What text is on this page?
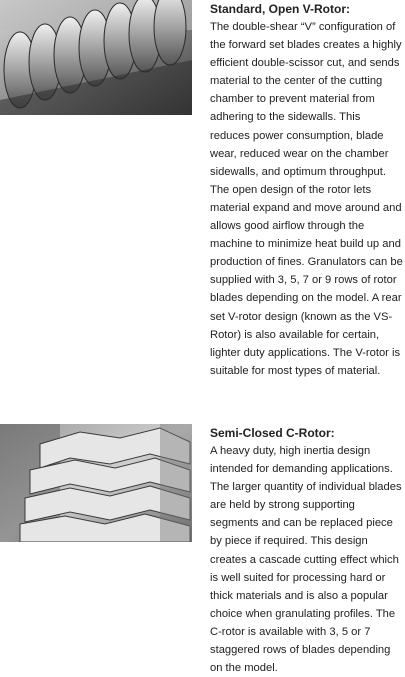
Standard, Open V-Rotor:

The double-shear “V” configuration of the forward set blades creates a highly efficient double-scissor cut, and sends material to the center of the cutting chamber to prevent material from adhering to the sidewalls. This reduces power consumption, blade wear, reduced wear on the chamber sidewalls, and optimum throughput. The open design of the rotor lets material expand and move around and allows good airflow through the machine to minimize heat build up and production of fines. Granulators can be supplied with 3, 5, 7 or 9 rows of rotor blades depending on the model. A rear set V-rotor design (known as the VS-Rotor) is also available for certain, lighter duty applications. The V-rotor is suitable for most types of material.

Semi-Closed C-Rotor:

A heavy duty, high inertia design intended for demanding applications. The larger quantity of individual blades are held by strong supporting segments and can be replaced piece by piece if required. This design creates a cascade cutting effect which is well suited for processing hard or thick materials and is also a popular choice when granulating profiles. The C-rotor is available with 3, 5 or 7 staggered rows of blades depending on the model.
